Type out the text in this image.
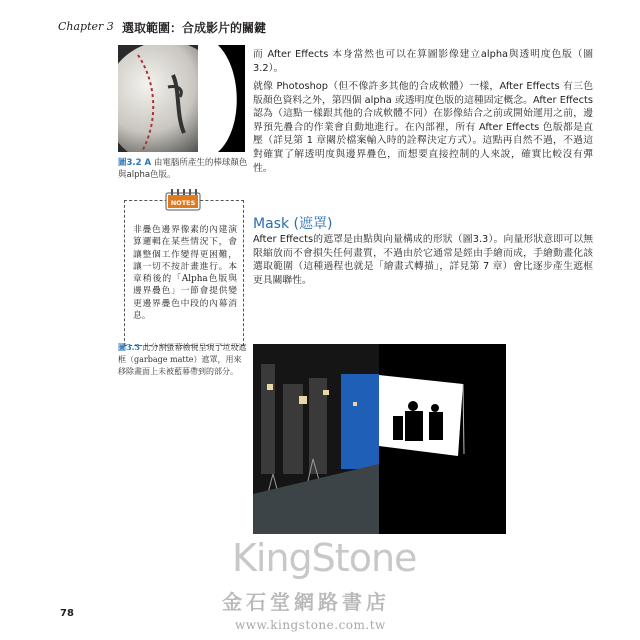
Chapter 3 選取範圍：合成影片的關鍵
圖3.2 A 由電腦所產生的棒球顏色與alpha色版。
NOTES
非疊色邊界像素的內建演算邏輯在某些情況下，會讓整個工作變得更困難，讓一切不按計畫進行。本章稍後的「Alpha色版與邊界疊色」一節會提供變更邊界疊色中段的內幕消息。
而 After Effects 本身當然也可以在算圖影像建立alpha與透明度色版（圖3.2）。
就像 Photoshop（但不像許多其他的合成軟體）一樣，After Effects 有三色版顏色資料之外，第四個 alpha 或透明度色版的這種固定概念。After Effects 認為（這點一樣跟其他的合成軟體不同）在影像結合之前或開始運用之前，邊界預先疊合的作業會自動地進行。在內部裡，所有 After Effects 色版都是直壓（詳見第 1 章關於檔案輸入時的詮釋決定方式）。這點再自然不過，不過這對確實了解透明度與邊界疊色，而想要直接控制的人來說，確實比較沒有彈性。
Mask (遮罩)
After Effects的遮罩是由點與向量構成的形狀（圖3.3）。向量形狀意即可以無限縮放而不會損失任何畫質，不過由於它通常是經由手繪而成，手繪動畫化該選取範圍（這種過程也就是「繪畫式轉描」，詳見第 7 章）會比逐步產生遮框更具關聯性。
圖3.3 此分割螢幕檢視呈現了垃圾遮框（garbage matte）遮罩，用來移除畫面上未被藍幕帶到的部分。
KingStone
金石堂網路書店
www.kingstone.com.tw
78
